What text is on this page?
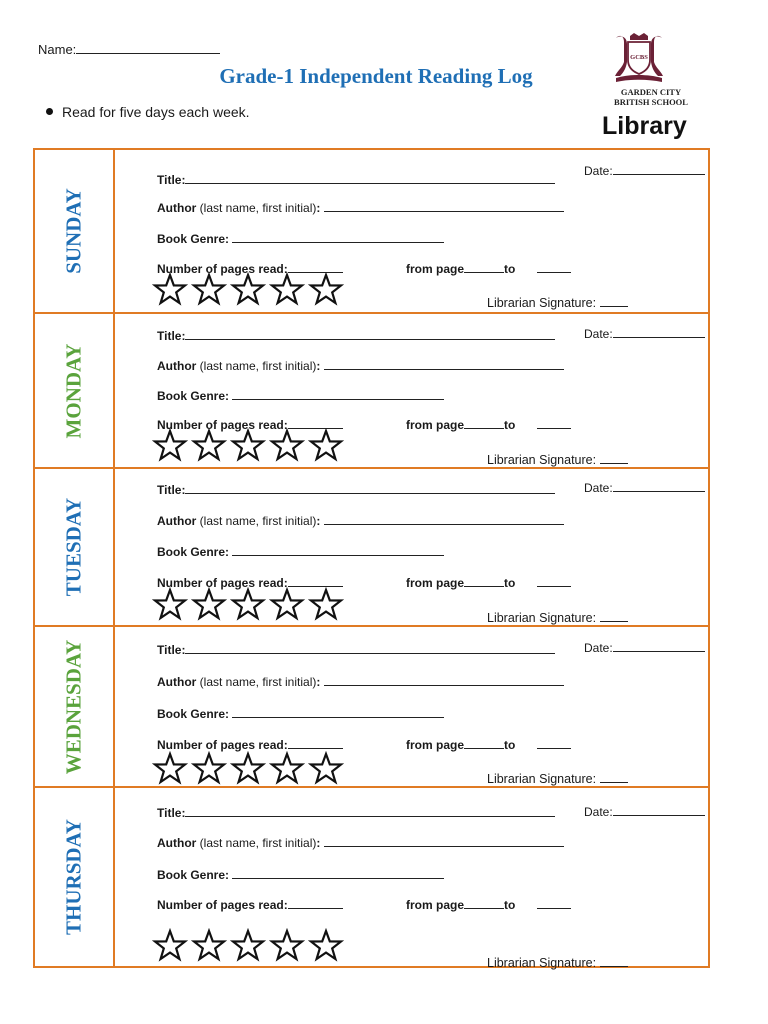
Name:
Grade-1 Independent Reading Log
Read for five days each week.
GCBS
GARDEN CITY
BRITISH SCHOOL
Library
SUNDAY
Title:
Date:
Author (last name, first initial):
Book Genre:
Number of pages read:	from page	to
Librarian Signature:
MONDAY
Title:	Date:
Author (last name, first initial):
Book Genre:
Number of pages read:	from page	to
Librarian Signature:
TUESDAY
Title:	Date:
Author (last name, first initial):
Book Genre:
Number of pages read:	from page	to
Librarian Signature:
WEDNESDAY	Title:	Date:
Author (last name, first initial):
Book Genre:
Number of pages read:	from page	to
Librarian Signature:
THURSDAY
Title:	Date:
Author (last name, first initial):
Book Genre:
Number of pages read:	from page	to
Librarian Signature:
